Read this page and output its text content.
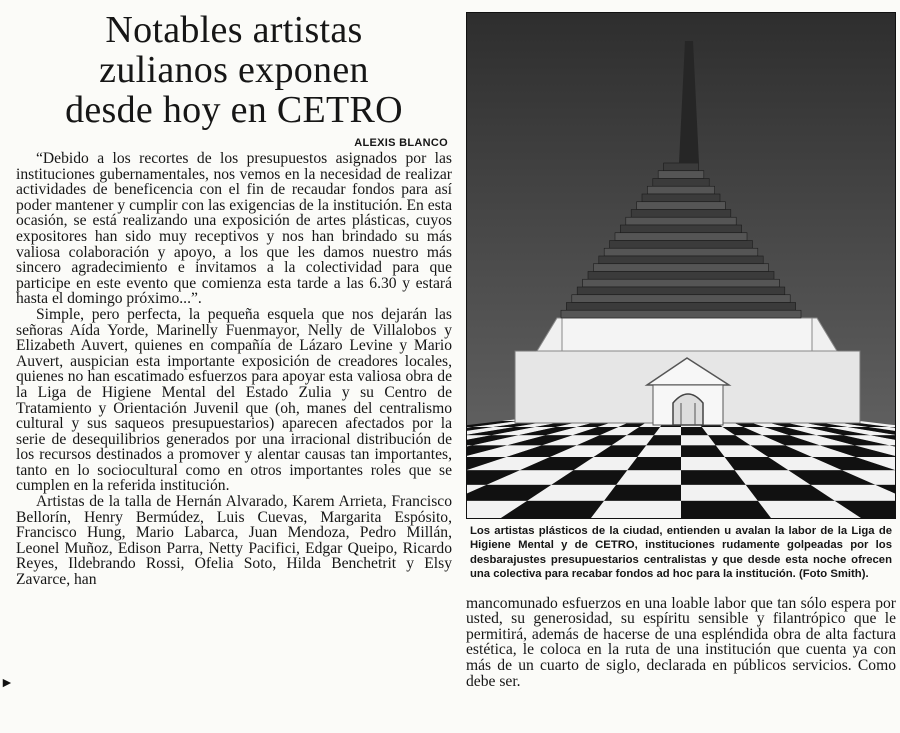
Notables artistas
zulianos exponen
desde hoy en CETRO
ALEXIS BLANCO

“Debido a los recortes de los presupuestos asignados por las instituciones gubernamentales, nos vemos en la necesidad de realizar actividades de beneficencia con el fin de recaudar fondos para así poder mantener y cumplir con las exigencias de la institución. En esta ocasión, se está realizando una exposición de artes plásticas, cuyos expositores han sido muy receptivos y nos han brindado su más valiosa colaboración y apoyo, a los que les damos nuestro más sincero agradecimiento e invitamos a la colectividad para que participe en este evento que comienza esta tarde a las 6.30 y estará hasta el domingo próximo...”.

Simple, pero perfecta, la pequeña esquela que nos dejarán las señoras Aída Yorde, Marinelly Fuenmayor, Nelly de Villalobos y Elizabeth Auvert, quienes en compañía de Lázaro Levine y Mario Auvert, auspician esta importante exposición de creadores locales, quienes no han escatimado esfuerzos para apoyar esta valiosa obra de la Liga de Higiene Mental del Estado Zulia y su Centro de Tratamiento y Orientación Juvenil que (oh, manes del centralismo cultural y sus saqueos presupuestarios) aparecen afectados por la serie de desequilibrios generados por una irracional distribución de los recursos destinados a promover y alentar causas tan importantes, tanto en lo sociocultural como en otros importantes roles que se cumplen en la referida institución.

Artistas de la talla de Hernán Alvarado, Karem Arrieta, Francisco Bellorín, Henry Bermúdez, Luis Cuevas, Margarita Espósito, Francisco Hung, Mario Labarca, Juan Mendoza, Pedro Millán, Leonel Muñoz, Edison Parra, Netty Pacifici, Edgar Queipo, Ricardo Reyes, Ildebrando Rossi, Ofelia Soto, Hilda Benchetrit y Elsy Zavarce, han

►
Los artistas plásticos de la ciudad, entienden u avalan la labor de la Liga de Higiene Mental y de CETRO, instituciones rudamente golpeadas por los desbarajustes presupuestarios centralistas y que desde esta noche ofrecen una colectiva para recabar fondos ad hoc para la institución. (Foto Smith).

mancomunado esfuerzos en una loable labor que tan sólo espera por usted, su generosidad, su espíritu sensible y filantrópico que le permitirá, además de hacerse de una espléndida obra de alta factura estética, le coloca en la ruta de una institución que cuenta ya con más de un cuarto de siglo, declarada en públicos servicios. Como debe ser.
